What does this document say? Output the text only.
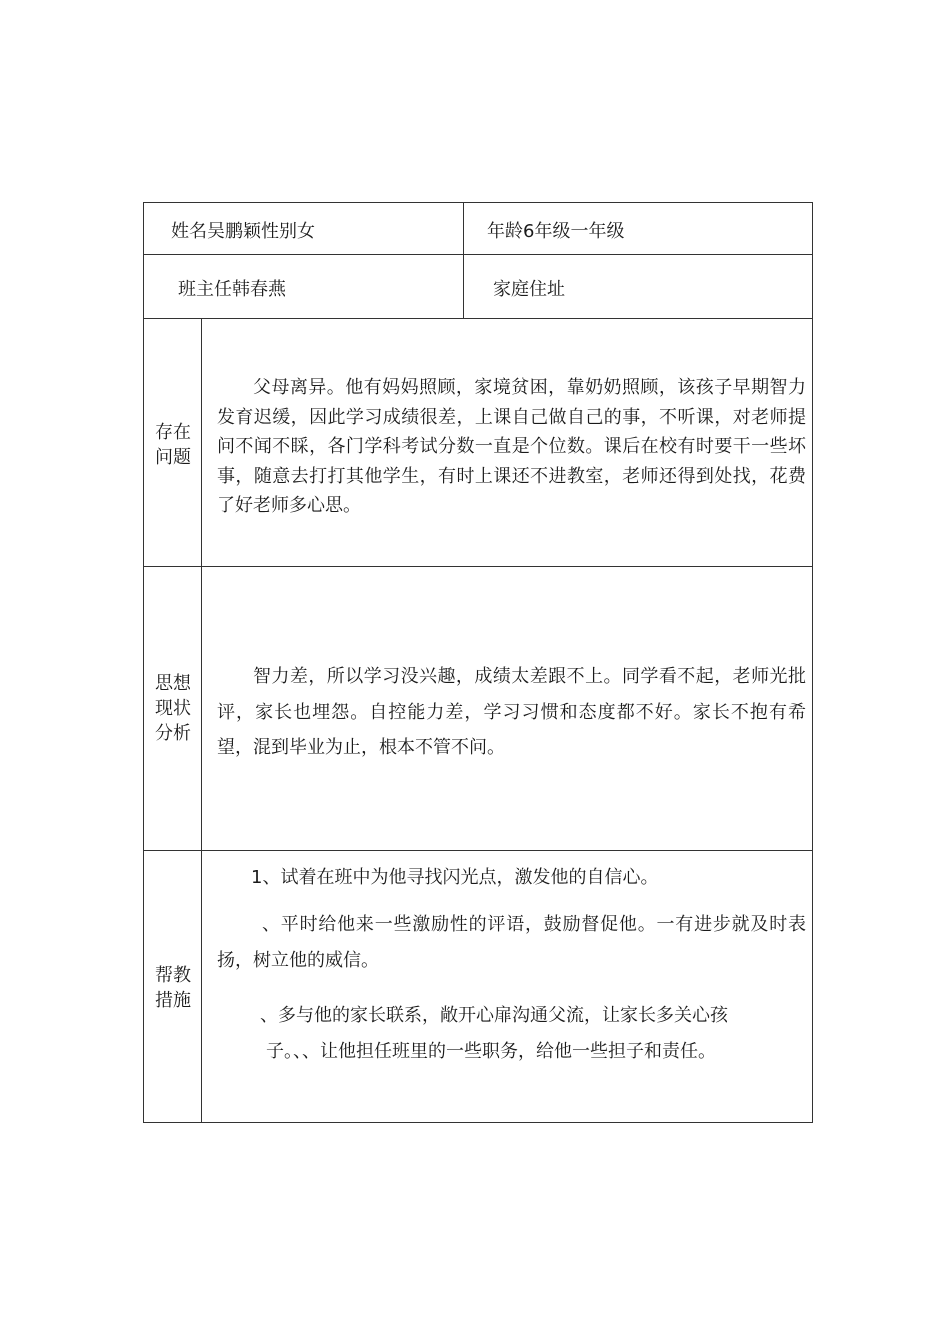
姓名吴鹏颖性别女	年龄6年级一年级
班主任韩春燕	家庭住址
存在
问题
父母离异。他有妈妈照顾，家境贫困，靠奶奶照顾，该孩子早期智力发育迟缓，因此学习成绩很差，上课自己做自己的事，不听课，对老师提问不闻不睬，各门学科考试分数一直是个位数。课后在校有时要干一些坏事，随意去打打其他学生，有时上课还不进教室，老师还得到处找，花费了好老师多心思。
思想
现状
分析
智力差，所以学习没兴趣，成绩太差跟不上。同学看不起，老师光批评，家长也埋怨。自控能力差，学习习惯和态度都不好。家长不抱有希望，混到毕业为止，根本不管不问。
帮教
措施
1、试着在班中为他寻找闪光点，激发他的自信心。
、平时给他来一些激励性的评语，鼓励督促他。一有进步就及时表扬，树立他的威信。
、多与他的家长联系，敞开心扉沟通父流，让家长多关心孩
子。、、让他担任班里的一些职务，给他一些担子和责任。
